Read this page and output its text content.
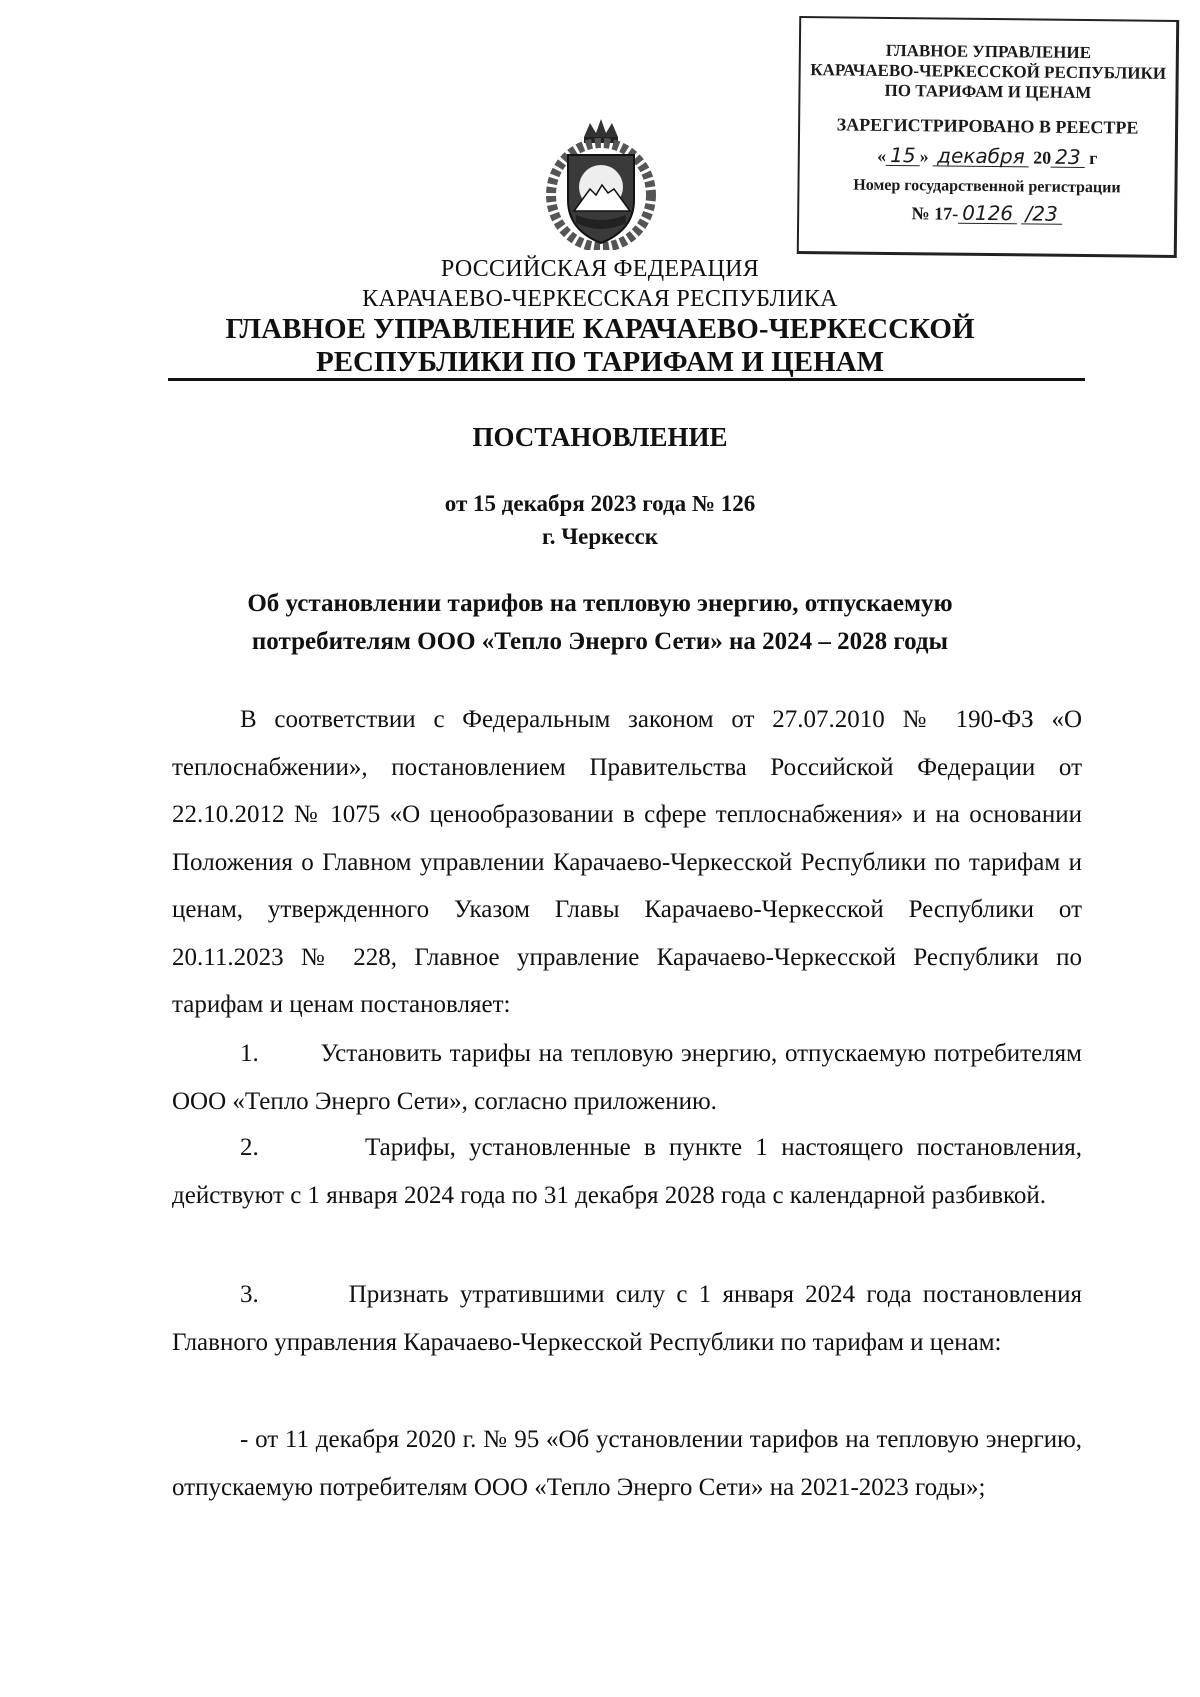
ГЛАВНОЕ УПРАВЛЕНИЕ
КАРАЧАЕВО-ЧЕРКЕССКОЙ РЕСПУБЛИКИ
ПО ТАРИФАМ И ЦЕНАМ
ЗАРЕГИСТРИРОВАНО В РЕЕСТРЕ
« 15 » декабря 20 23 г
Номер государственной регистрации
№ 17- 0126 /23
РОССИЙСКАЯ ФЕДЕРАЦИЯ
КАРАЧАЕВО-ЧЕРКЕССКАЯ РЕСПУБЛИКА
ГЛАВНОЕ УПРАВЛЕНИЕ КАРАЧАЕВО-ЧЕРКЕССКОЙ
РЕСПУБЛИКИ ПО ТАРИФАМ И ЦЕНАМ
ПОСТАНОВЛЕНИЕ
от 15 декабря 2023 года № 126
г. Черкесск
Об установлении тарифов на тепловую энергию, отпускаемую
потребителям ООО «Тепло Энерго Сети» на 2024 – 2028 годы
В соответствии с Федеральным законом от 27.07.2010 № 190-ФЗ «О теплоснабжении», постановлением Правительства Российской Федерации от 22.10.2012 № 1075 «О ценообразовании в сфере теплоснабжения» и на основании Положения о Главном управлении Карачаево-Черкесской Республики по тарифам и ценам, утвержденного Указом Главы Карачаево-Черкесской Республики от 20.11.2023 № 228, Главное управление Карачаево-Черкесской Республики по тарифам и ценам постановляет:
1. Установить тарифы на тепловую энергию, отпускаемую потребителям ООО «Тепло Энерго Сети», согласно приложению.
2.	Тарифы, установленные в пункте 1 настоящего постановления, действуют с 1 января 2024 года по 31 декабря 2028 года с календарной разбивкой.
3.	Признать утратившими силу с 1 января 2024 года постановления Главного управления Карачаево-Черкесской Республики по тарифам и ценам:
- от 11 декабря 2020 г. № 95 «Об установлении тарифов на тепловую энергию, отпускаемую потребителям ООО «Тепло Энерго Сети» на 2021-2023 годы»;
